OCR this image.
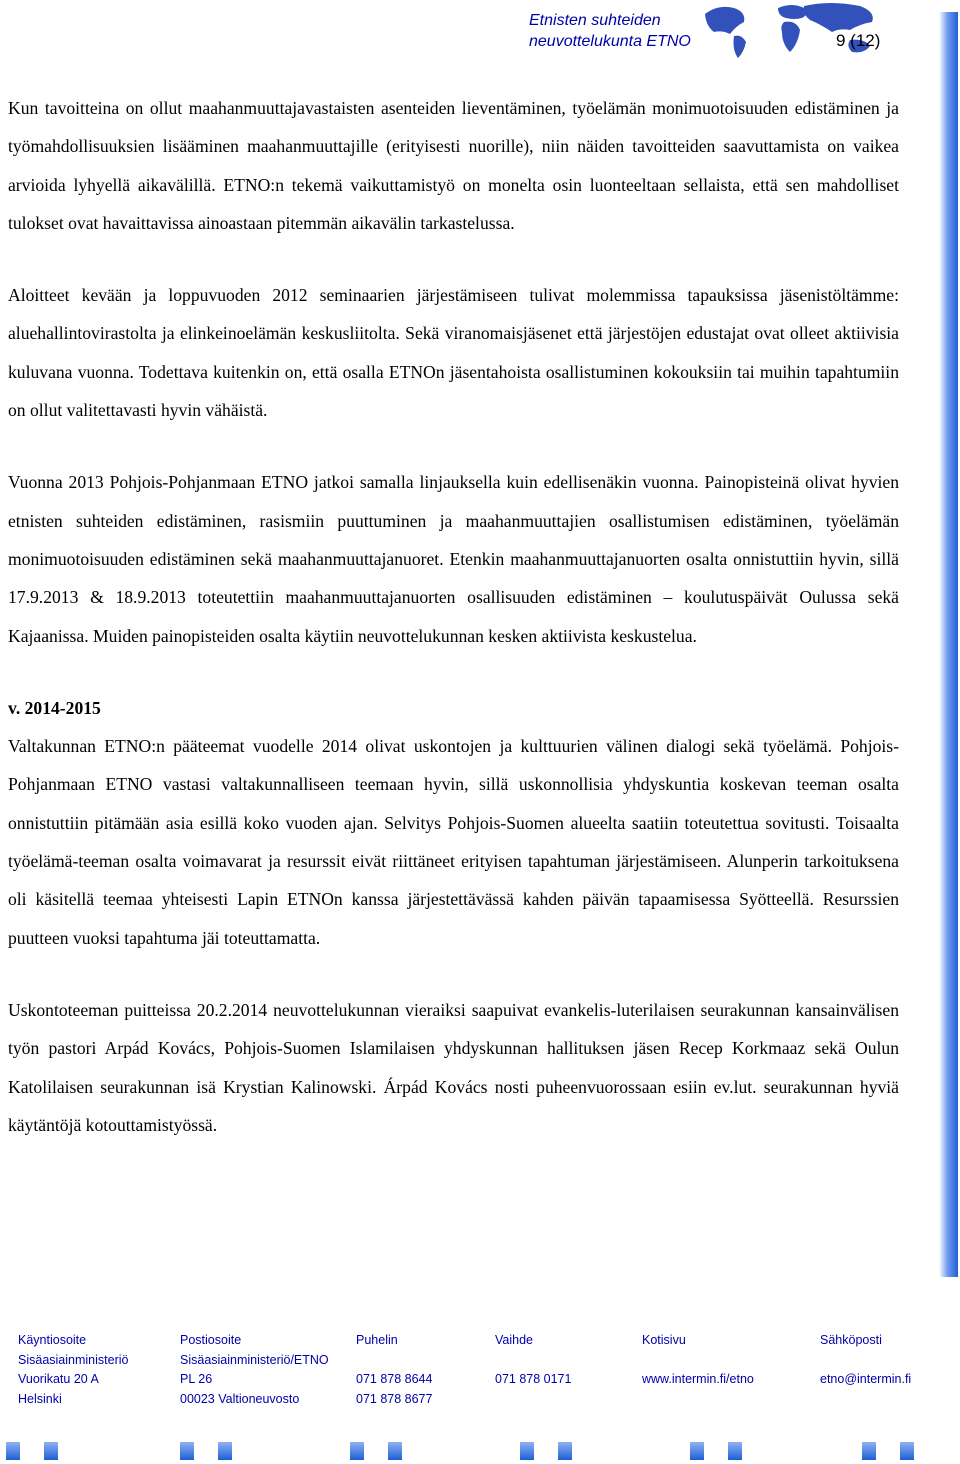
Etnisten suhteiden
neuvottelukunta ETNO	9 (12)

Kun tavoitteina on ollut maahanmuuttajavastaisten asenteiden lieventäminen, työelämän monimuotoisuuden edistäminen ja työmahdollisuuksien lisääminen maahanmuuttajille (erityisesti nuorille), niin näiden tavoitteiden saavuttamista on vaikea arvioida lyhyellä aikavälillä. ETNO:n tekemä vaikuttamistyö on monelta osin luonteeltaan sellaista, että sen mahdolliset tulokset ovat havaittavissa ainoastaan pitemmän aikavälin tarkastelussa.

Aloitteet kevään ja loppuvuoden 2012 seminaarien järjestämiseen tulivat molemmissa tapauksissa jäsenistöltämme: aluehallintovirastolta ja elinkeinoelämän keskusliitolta. Sekä viranomaisjäsenet että järjestöjen edustajat ovat olleet aktiivisia kuluvana vuonna. Todettava kuitenkin on, että osalla ETNOn jäsentahoista osallistuminen kokouksiin tai muihin tapahtumiin on ollut valitettavasti hyvin vähäistä.

Vuonna 2013 Pohjois-Pohjanmaan ETNO jatkoi samalla linjauksella kuin edellisenäkin vuonna. Painopisteinä olivat hyvien etnisten suhteiden edistäminen, rasismiin puuttuminen ja maahanmuuttajien osallistumisen edistäminen, työelämän monimuotoisuuden edistäminen sekä maahanmuuttajanuoret. Etenkin maahanmuuttajanuorten osalta onnistuttiin hyvin, sillä 17.9.2013 & 18.9.2013 toteutettiin maahanmuuttajanuorten osallisuuden edistäminen – koulutuspäivät Oulussa sekä Kajaanissa. Muiden painopisteiden osalta käytiin neuvottelukunnan kesken aktiivista keskustelua.

v. 2014-2015

Valtakunnan ETNO:n pääteemat vuodelle 2014 olivat uskontojen ja kulttuurien välinen dialogi sekä työelämä. Pohjois-Pohjanmaan ETNO vastasi valtakunnalliseen teemaan hyvin, sillä uskonnollisia yhdyskuntia koskevan teeman osalta onnistuttiin pitämään asia esillä koko vuoden ajan. Selvitys Pohjois-Suomen alueelta saatiin toteutettua sovitusti. Toisaalta työelämä-teeman osalta voimavarat ja resurssit eivät riittäneet erityisen tapahtuman järjestämiseen. Alunperin tarkoituksena oli käsitellä teemaa yhteisesti Lapin ETNOn kanssa järjestettävässä kahden päivän tapaamisessa Syötteellä. Resurssien puutteen vuoksi tapahtuma jäi toteuttamatta.

Uskontoteeman puitteissa 20.2.2014 neuvottelukunnan vieraiksi saapuivat evankelis-luterilaisen seurakunnan kansainvälisen työn pastori Arpád Kovács, Pohjois-Suomen Islamilaisen yhdyskunnan hallituksen jäsen Recep Korkmaaz sekä Oulun Katolilaisen seurakunnan isä Krystian Kalinowski. Árpád Kovács nosti puheenvuorossaan esiin ev.lut. seurakunnan hyviä käytäntöjä kotouttamistyössä.

Käyntiosoite
Sisäasiainministeriö
Vuorikatu 20 A
Helsinki
Postiosoite
Sisäasiainministeriö/ETNO
PL 26
00023 Valtioneuvosto
Puhelin

071 878 8644
071 878 8677
Vaihde

071 878 0171
Kotisivu

www.intermin.fi/etno
Sähköposti

etno@intermin.fi
